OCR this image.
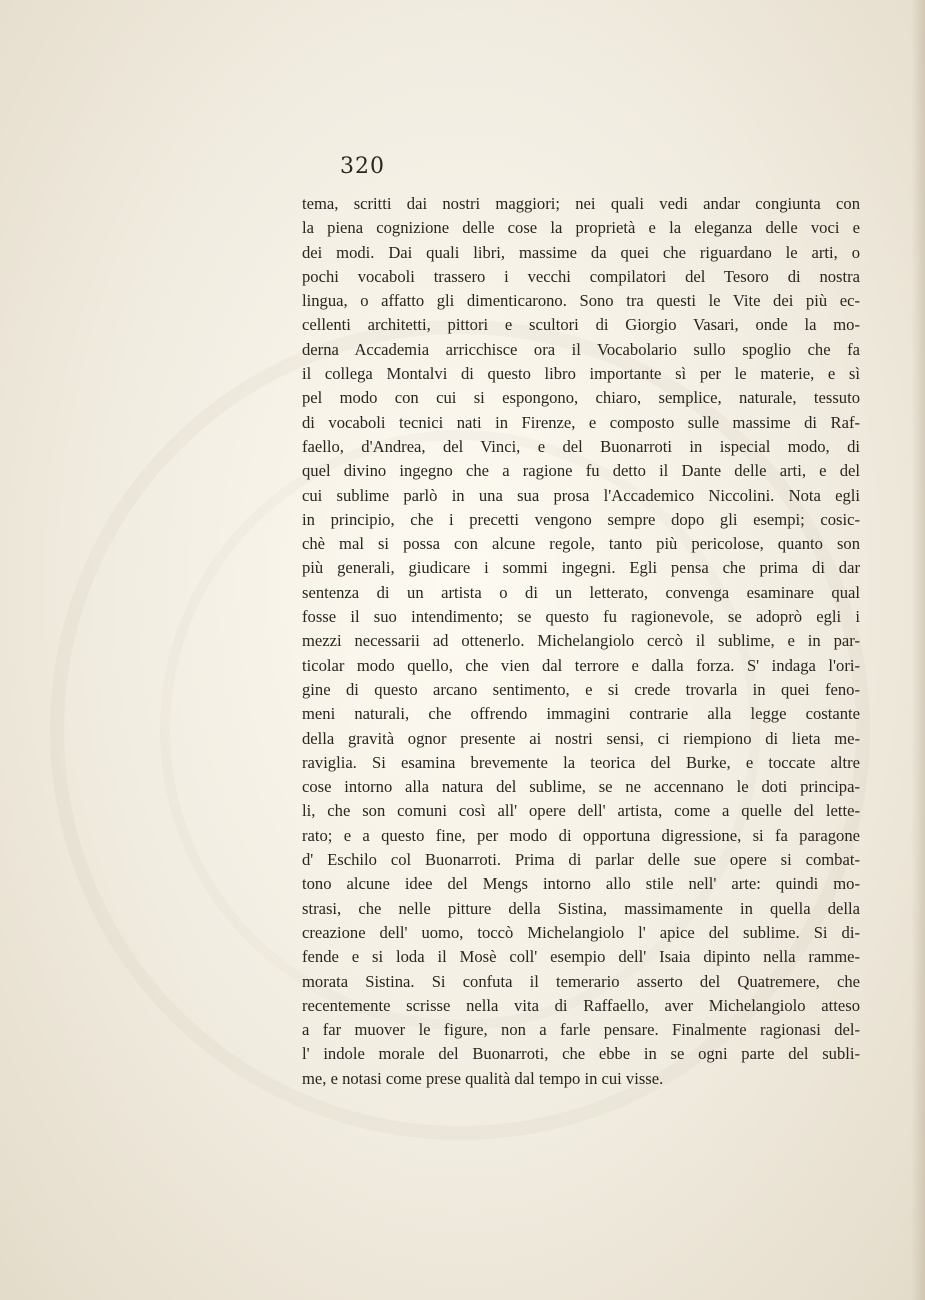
320
tema, scritti dai nostri maggiori; nei quali vedi andar congiunta con
la piena cognizione delle cose la proprietà e la eleganza delle voci e
dei modi. Dai quali libri, massime da quei che riguardano le arti, o
pochi vocaboli trassero i vecchi compilatori del Tesoro di nostra
lingua, o affatto gli dimenticarono. Sono tra questi le Vite dei più ec-
cellenti architetti, pittori e scultori di Giorgio Vasari, onde la mo-
derna Accademia arricchisce ora il Vocabolario sullo spoglio che fa
il collega Montalvi di questo libro importante sì per le materie, e sì
pel modo con cui si espongono, chiaro, semplice, naturale, tessuto
di vocaboli tecnici nati in Firenze, e composto sulle massime di Raf-
faello, d'Andrea, del Vinci, e del Buonarroti in ispecial modo, di
quel divino ingegno che a ragione fu detto il Dante delle arti, e del
cui sublime parlò in una sua prosa l'Accademico Niccolini. Nota egli
in principio, che i precetti vengono sempre dopo gli esempi; cosic-
chè mal si possa con alcune regole, tanto più pericolose, quanto son
più generali, giudicare i sommi ingegni. Egli pensa che prima di dar
sentenza di un artista o di un letterato, convenga esaminare qual
fosse il suo intendimento; se questo fu ragionevole, se adoprò egli i
mezzi necessarii ad ottenerlo. Michelangiolo cercò il sublime, e in par-
ticolar modo quello, che vien dal terrore e dalla forza. S' indaga l'ori-
gine di questo arcano sentimento, e si crede trovarla in quei feno-
meni naturali, che offrendo immagini contrarie alla legge costante
della gravità ognor presente ai nostri sensi, ci riempiono di lieta me-
raviglia. Si esamina brevemente la teorica del Burke, e toccate altre
cose intorno alla natura del sublime, se ne accennano le doti principa-
li, che son comuni così all' opere dell' artista, come a quelle del lette-
rato; e a questo fine, per modo di opportuna digressione, si fa paragone
d' Eschilo col Buonarroti. Prima di parlar delle sue opere si combat-
tono alcune idee del Mengs intorno allo stile nell' arte: quindi mo-
strasi, che nelle pitture della Sistina, massimamente in quella della
creazione dell' uomo, toccò Michelangiolo l' apice del sublime. Si di-
fende e si loda il Mosè coll' esempio dell' Isaia dipinto nella ramme-
morata Sistina. Si confuta il temerario asserto del Quatremere, che
recentemente scrisse nella vita di Raffaello, aver Michelangiolo atteso
a far muover le figure, non a farle pensare. Finalmente ragionasi del-
l' indole morale del Buonarroti, che ebbe in se ogni parte del subli-
me, e notasi come prese qualità dal tempo in cui visse.
